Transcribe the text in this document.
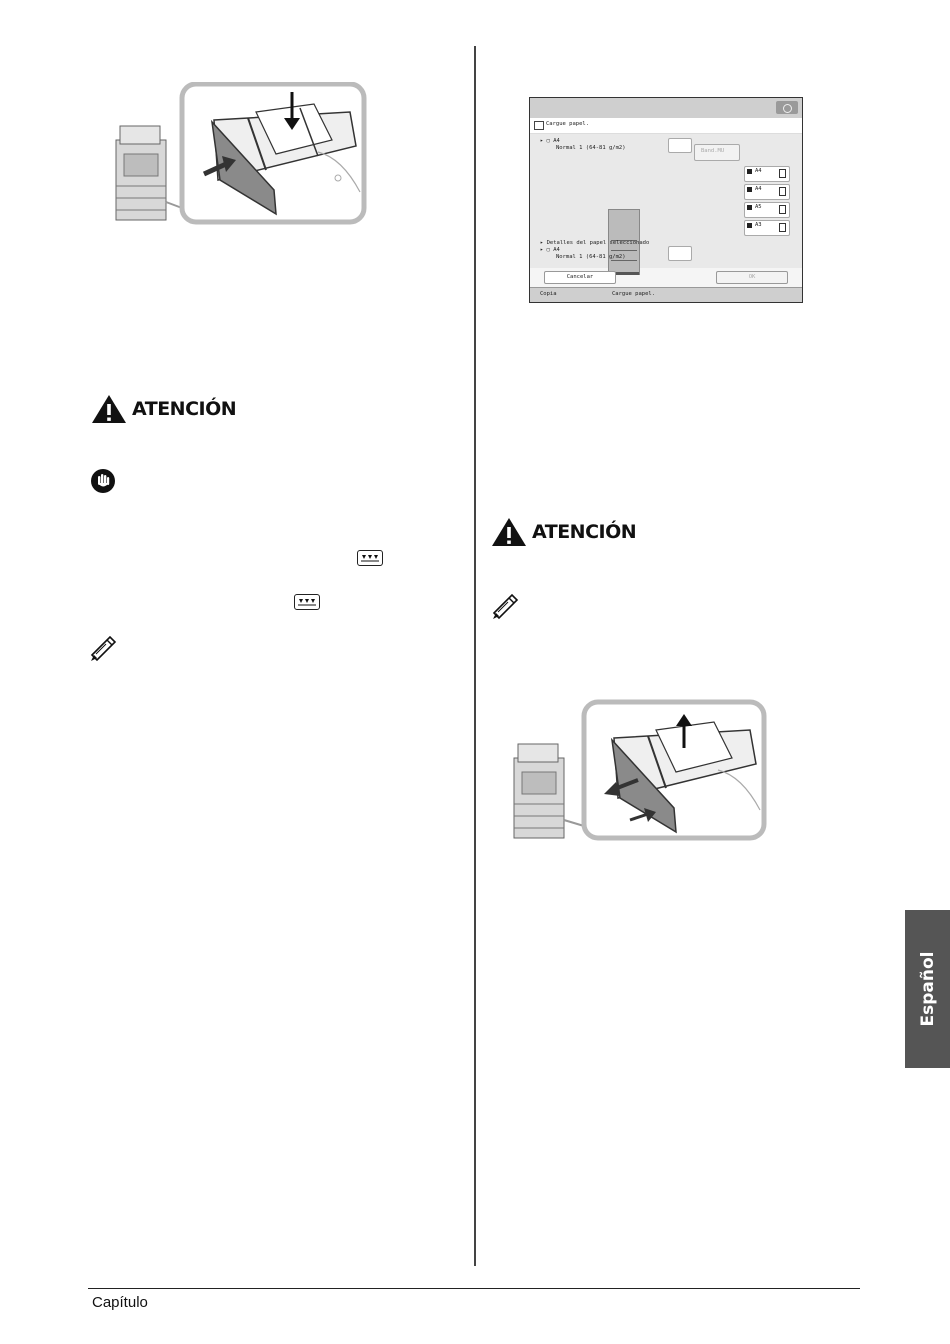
Capítulo
Español
ATENCIÓN
Cargue papel.
▸ ▢ A4
Normal 1 (64-81 g/m2)	Band.MU
A4
A4
A5
A3
▸ Detalles del papel seleccionado
▸ ▢ A4
Normal 1 (64-81 g/m2)
Cancelar	OK
Copia	Cargue papel.
ATENCIÓN
